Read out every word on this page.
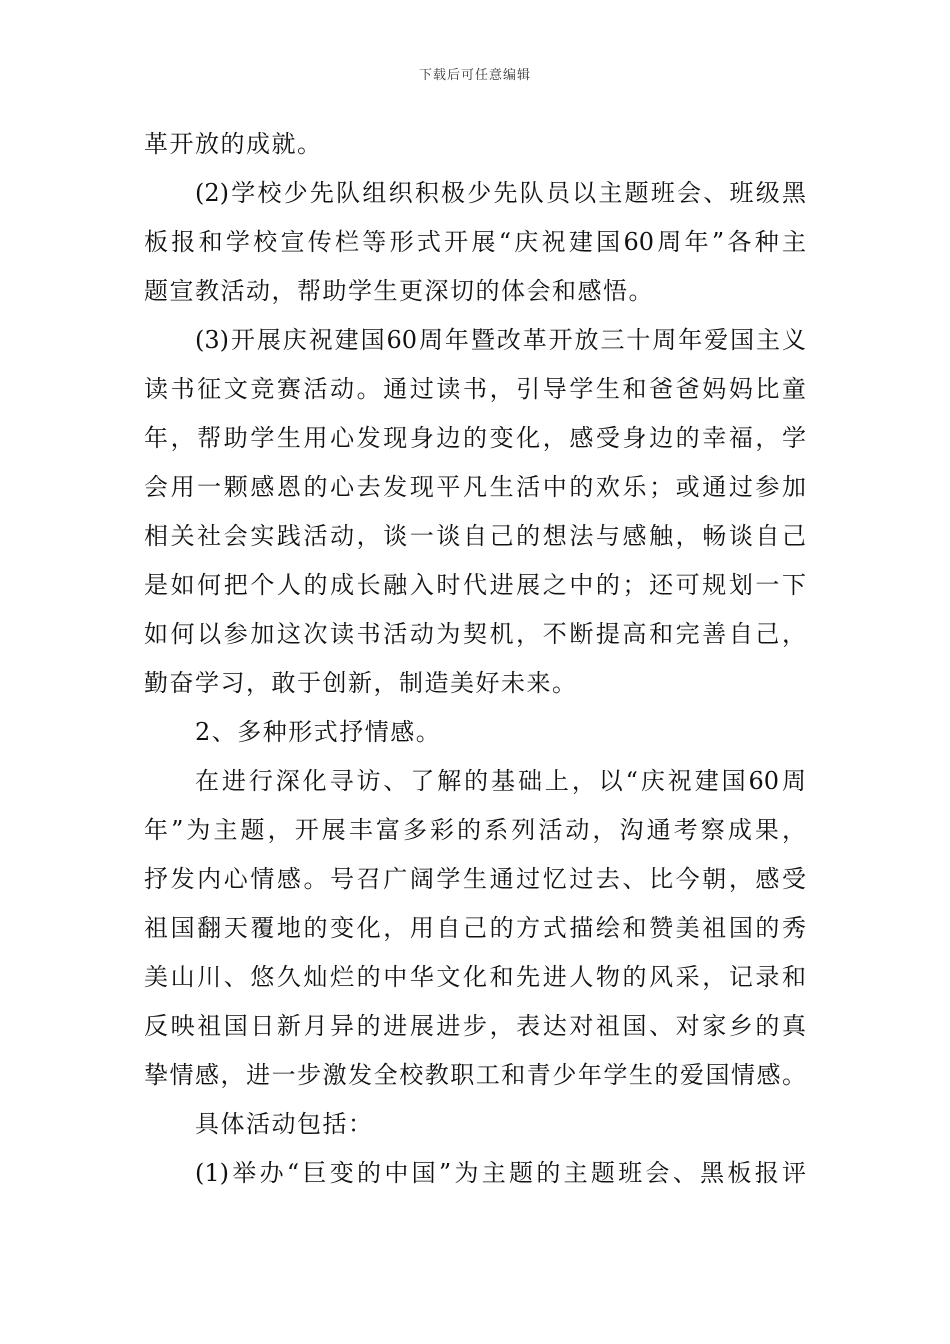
下载后可任意编辑
革开放的成就。
(2)学校少先队组织积极少先队员以主题班会、班级黑
板报和学校宣传栏等形式开展“庆祝建国60周年”各种主
题宣教活动，帮助学生更深切的体会和感悟。
(3)开展庆祝建国60周年暨改革开放三十周年爱国主义
读书征文竞赛活动。通过读书，引导学生和爸爸妈妈比童
年，帮助学生用心发现身边的变化，感受身边的幸福，学
会用一颗感恩的心去发现平凡生活中的欢乐；或通过参加
相关社会实践活动，谈一谈自己的想法与感触，畅谈自己
是如何把个人的成长融入时代进展之中的；还可规划一下
如何以参加这次读书活动为契机，不断提高和完善自己，
勤奋学习，敢于创新，制造美好未来。
2、多种形式抒情感。
在进行深化寻访、了解的基础上，以“庆祝建国60周
年”为主题，开展丰富多彩的系列活动，沟通考察成果，
抒发内心情感。号召广阔学生通过忆过去、比今朝，感受
祖国翻天覆地的变化，用自己的方式描绘和赞美祖国的秀
美山川、悠久灿烂的中华文化和先进人物的风采，记录和
反映祖国日新月异的进展进步，表达对祖国、对家乡的真
挚情感，进一步激发全校教职工和青少年学生的爱国情感。
具体活动包括：
(1)举办“巨变的中国”为主题的主题班会、黑板报评
